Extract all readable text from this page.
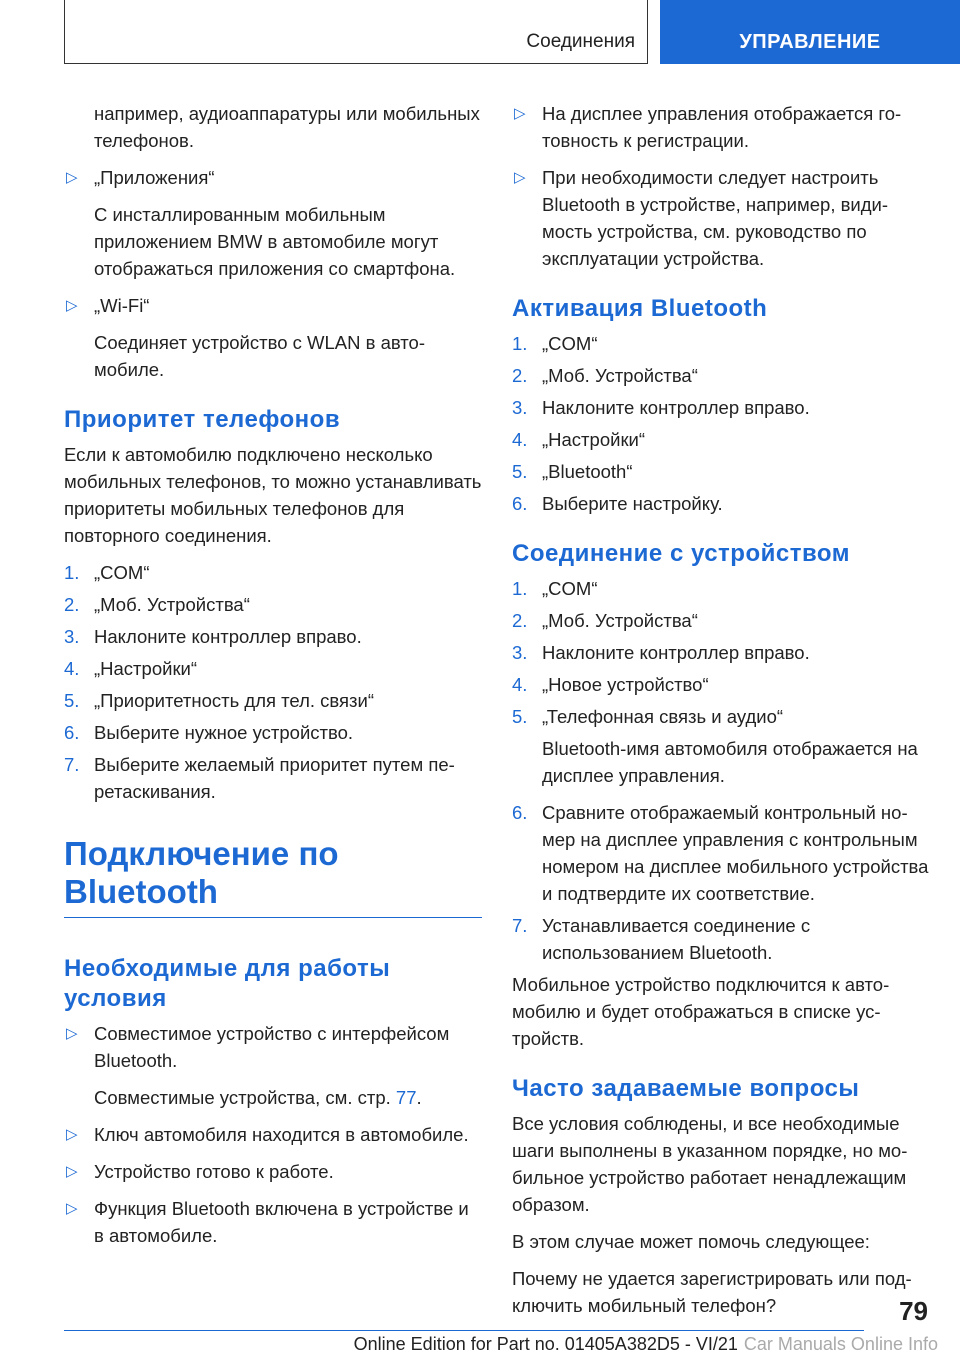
Соединения	УПРАВЛЕНИЕ

например, аудиоаппаратуры или мобильных телефонов.

▷ „Приложения“

С инсталлированным мобильным приложением BMW в автомобиле могут отображаться приложения со смартфона.

▷ „Wi-Fi“

Соединяет устройство с WLAN в автомобиле.

Приоритет телефонов

Если к автомобилю подключено несколько мобильных телефонов, то можно устанавливать приоритеты мобильных телефонов для повторного соединения.

1. „COM“
2. „Моб. Устройства“
3. Наклоните контроллер вправо.
4. „Настройки“
5. „Приоритетность для тел. связи“
6. Выберите нужное устройство.
7. Выберите желаемый приоритет путем перетаскивания.
Подключение по
Bluetooth
Необходимые для работы условия
▷ Совместимое устройство с интерфейсом Bluetooth.

Совместимые устройства, см. стр. 77.

▷ Ключ автомобиля находится в автомобиле.
▷ Устройство готово к работе.
▷ Функция Bluetooth включена в устройстве и в автомобиле.
▷ На дисплее управления отображается готовность к регистрации.
▷ При необходимости следует настроить Bluetooth в устройстве, например, видимость устройства, см. руководство по эксплуатации устройства.
Активация Bluetooth
1. „COM“
2. „Моб. Устройства“
3. Наклоните контроллер вправо.
4. „Настройки“
5. „Bluetooth“
6. Выберите настройку.
Соединение с устройством
1. „COM“
2. „Моб. Устройства“
3. Наклоните контроллер вправо.
4. „Новое устройство“
5. „Телефонная связь и аудио“

Bluetooth-имя автомобиля отображается на дисплее управления.

6. Сравните отображаемый контрольный номер на дисплее управления с контрольным номером на дисплее мобильного устройства и подтвердите их соответствие.
7. Устанавливается соединение с использованием Bluetooth.

Мобильное устройство подключится к автомобилю и будет отображаться в списке устройств.

Часто задаваемые вопросы

Все условия соблюдены, и все необходимые шаги выполнены в указанном порядке, но мобильное устройство работает ненадлежащим образом.

В этом случае может помочь следующее:

Почему не удается зарегистрировать или подключить мобильный телефон?	79
Online Edition for Part no. 01405A382D5 - VI/21 Car Manuals Online Info
